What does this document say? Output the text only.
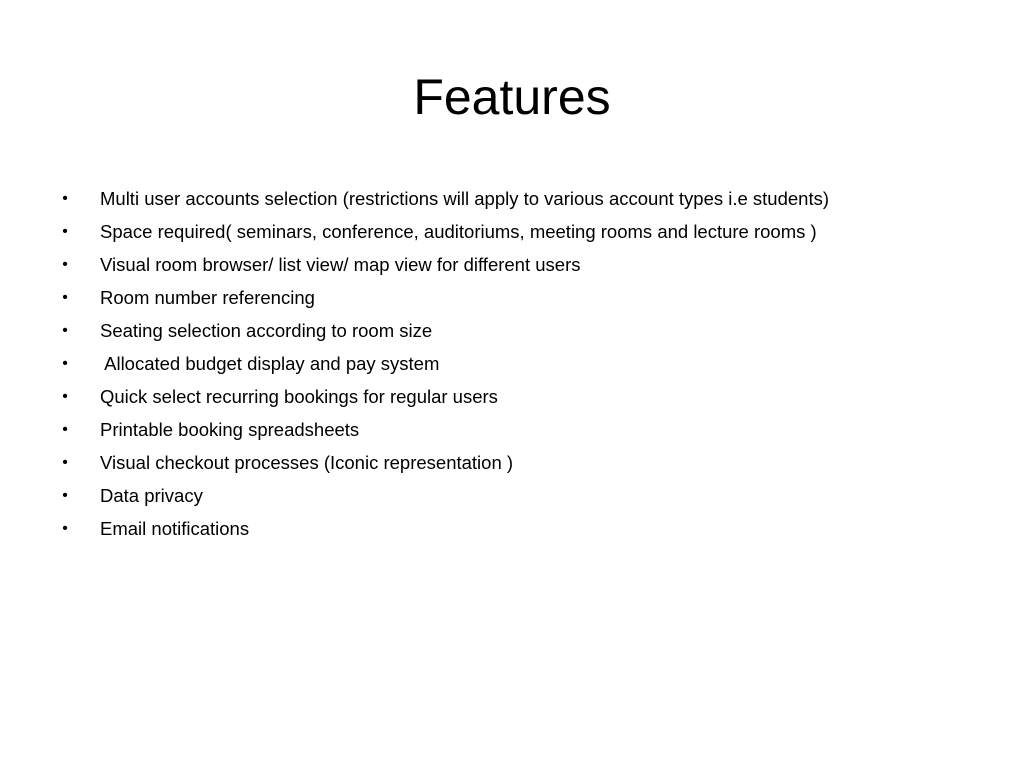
Features
• Multi user accounts selection (restrictions will apply to various account types i.e students)
• Space required( seminars, conference, auditoriums, meeting rooms and lecture rooms )
• Visual room browser/ list view/ map view for different users
• Room number referencing
• Seating selection according to room size
• Allocated budget display and pay system
• Quick select recurring bookings for regular users
• Printable booking spreadsheets
• Visual checkout processes (Iconic representation )
• Data privacy
• Email notifications
